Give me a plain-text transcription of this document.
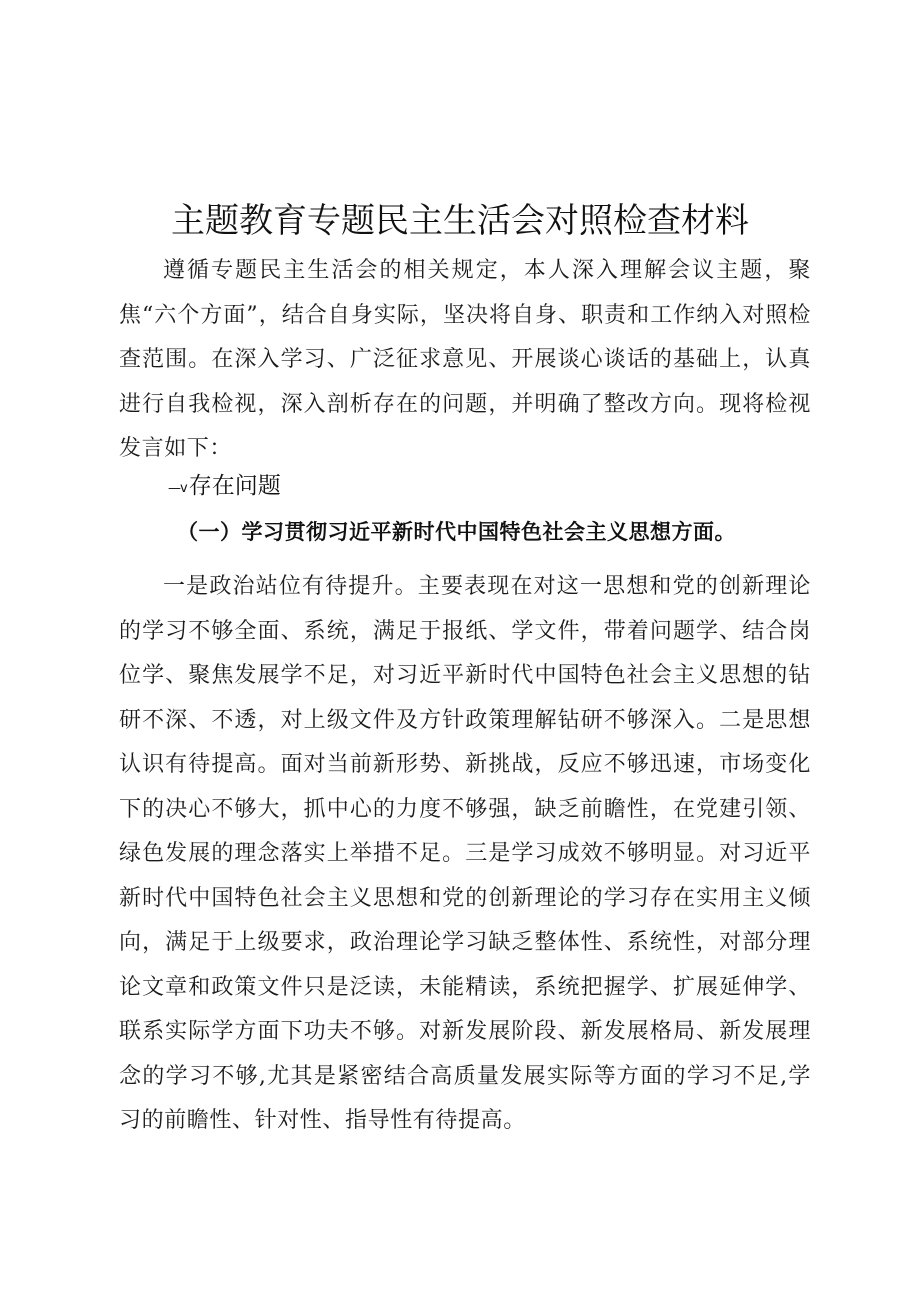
主题教育专题民主生活会对照检查材料

遵循专题民主生活会的相关规定，本人深入理解会议主题，聚焦“六个方面”，结合自身实际，坚决将自身、职责和工作纳入对照检查范围。在深入学习、广泛征求意见、开展谈心谈话的基础上，认真进行自我检视，深入剖析存在的问题，并明确了整改方向。现将检视发言如下：

—v存在问题
（一）学习贯彻习近平新时代中国特色社会主义思想方面。

一是政治站位有待提升。主要表现在对这一思想和党的创新理论的学习不够全面、系统，满足于报纸、学文件，带着问题学、结合岗位学、聚焦发展学不足，对习近平新时代中国特色社会主义思想的钻研不深、不透，对上级文件及方针政策理解钻研不够深入。二是思想认识有待提高。面对当前新形势、新挑战，反应不够迅速，市场变化下的决心不够大，抓中心的力度不够强，缺乏前瞻性，在党建引领、绿色发展的理念落实上举措不足。三是学习成效不够明显。对习近平新时代中国特色社会主义思想和党的创新理论的学习存在实用主义倾向，满足于上级要求，政治理论学习缺乏整体性、系统性，对部分理论文章和政策文件只是泛读，未能精读，系统把握学、扩展延伸学、联系实际学方面下功夫不够。对新发展阶段、新发展格局、新发展理念的学习不够,尤其是紧密结合高质量发展实际等方面的学习不足,学习的前瞻性、针对性、指导性有待提高。
